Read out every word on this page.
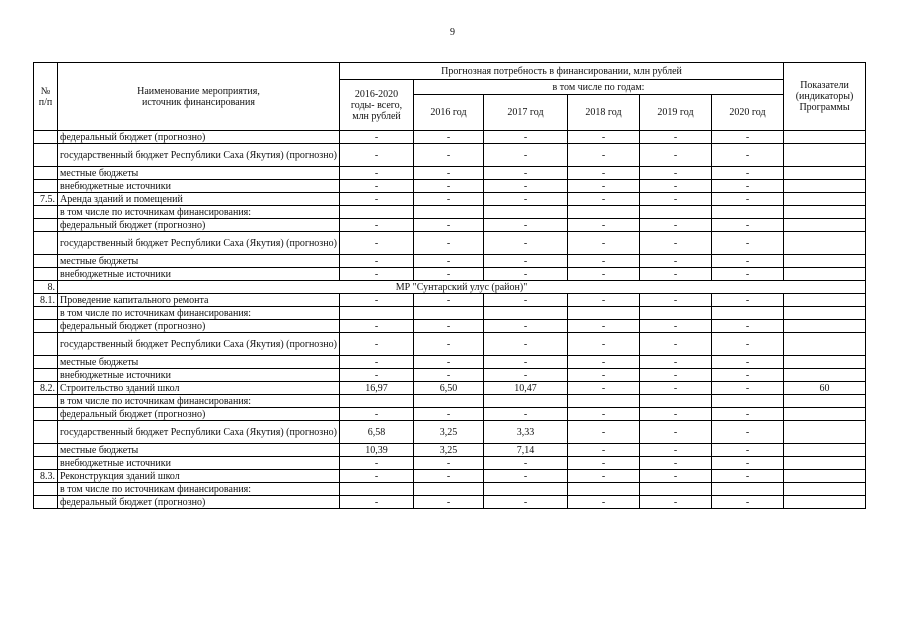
9
№ п/п	Наименование мероприятия,
источник финансирования	Прогнозная потребность в финансировании, млн рублей						Показатели (индикаторы) Программы
		2016-2020 годы- всего, млн рублей	в том числе по годам:					
			2016 год	2017 год	2018 год	2019 год	2020 год	
	федеральный бюджет (прогнозно)	-	-	-	-	-	-	
	государственный бюджет Республики Саха (Якутия) (прогнозно)	-	-	-	-	-	-	
	местные бюджеты	-	-	-	-	-	-	
	внебюджетные источники	-	-	-	-	-	-	
7.5.	Аренда зданий и помещений	-	-	-	-	-	-	
	в том числе по источникам финансирования:							
	федеральный бюджет (прогнозно)	-	-	-	-	-	-	
	государственный бюджет Республики Саха (Якутия) (прогнозно)	-	-	-	-	-	-	
	местные бюджеты	-	-	-	-	-	-	
	внебюджетные источники	-	-	-	-	-	-	
8.	МР "Сунтарский улус (район)"							
8.1.	Проведение капитального ремонта	-	-	-	-	-	-	
	в том числе по источникам финансирования:							
	федеральный бюджет (прогнозно)	-	-	-	-	-	-	
	государственный бюджет Республики Саха (Якутия) (прогнозно)	-	-	-	-	-	-	
	местные бюджеты	-	-	-	-	-	-	
	внебюджетные источники	-	-	-	-	-	-	
8.2.	Строительство зданий школ	16,97	6,50	10,47	-	-	-	60
	в том числе по источникам финансирования:							
	федеральный бюджет (прогнозно)	-	-	-	-	-	-	
	государственный бюджет Республики Саха (Якутия) (прогнозно)	6,58	3,25	3,33	-	-	-	
	местные бюджеты	10,39	3,25	7,14	-	-	-	
	внебюджетные источники	-	-	-	-	-	-	
8.3.	Реконструкция зданий школ	-	-	-	-	-	-	
	в том числе по источникам финансирования:							
	федеральный бюджет (прогнозно)	-	-	-	-	-	-	
